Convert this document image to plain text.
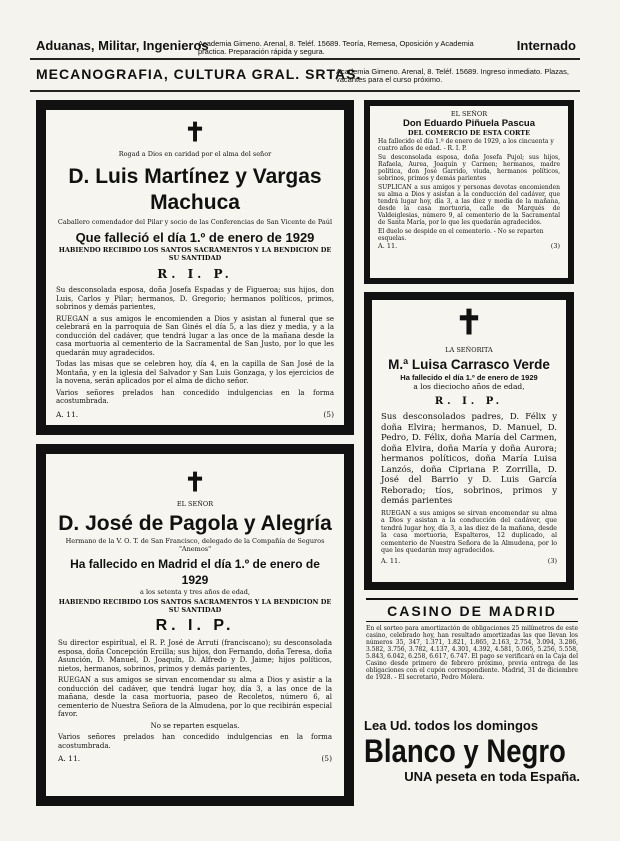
Aduanas, Militar, Ingenieros
Academia Gimeno. Arenal, 8. Teléf. 15689. Teoría, Remesa, Oposición y Academia práctica. Preparación rápida y segura.	Internado
MECANOGRAFIA, CULTURA GRAL. SRTAS.
Academia Gimeno. Arenal, 8. Teléf. 15689. Ingreso inmediato. Plazas, vacantes para el curso próximo.
✝
Rogad a Dios en caridad por el alma del señor
D. Luis Martínez y Vargas Machuca
Caballero comendador del Pilar y socio de las Conferencias de San Vicente de Paúl
Que falleció el día 1.º de enero de 1929
HABIENDO RECIBIDO LOS SANTOS SACRAMENTOS Y LA BENDICION DE SU SANTIDAD
R. I. P.
Su desconsolada esposa, doña Josefa Espadas y de Figueroa; sus hijos, don Luis, Carlos y Pilar; hermanos, D. Gregorio; hermanos políticos, primos, sobrinos y demás parientes,
RUEGAN a sus amigos le encomienden a Dios y asistan al funeral que se celebrará en la parroquia de San Ginés el día 5, a las diez y media, y a la conducción del cadáver, que tendrá lugar a las once de la mañana desde la casa mortuoria al cementerio de la Sacramental de San Justo, por lo que les quedarán muy agradecidos.
Todas las misas que se celebren hoy, día 4, en la capilla de San José de la Montaña, y en la iglesia del Salvador y San Luis Gonzaga, y los ejercicios de la novena, serán aplicados por el alma de dicho señor.
Varios señores prelados han concedido indulgencias en la forma acostumbrada.
A. 11.	(5)
✝
EL SEÑOR
D. José de Pagola y Alegría
Hermano de la V. O. T. de San Francisco, delegado de la Compañía de Seguros "Anemos"
Ha fallecido en Madrid el día 1.º de enero de 1929
a los setenta y tres años de edad,
HABIENDO RECIBIDO LOS SANTOS SACRAMENTOS Y LA BENDICION DE SU SANTIDAD
R. I. P.
Su director espiritual, el R. P. José de Arruti (franciscano); su desconsolada esposa, doña Concepción Ercilla; sus hijos, don Fernando, doña Teresa, doña Asunción, D. Manuel, D. Joaquín, D. Alfredo y D. Jaime; hijos políticos, nietos, hermanos, sobrinos, primos y demás parientes,
RUEGAN a sus amigos se sirvan encomendar su alma a Dios y asistir a la conducción del cadáver, que tendrá lugar hoy, día 3, a las once de la mañana, desde la casa mortuoria, paseo de Recoletos, número 6, al cementerio de Nuestra Señora de la Almudena, por lo que recibirán especial favor.
No se reparten esquelas.
Varios señores prelados han concedido indulgencias en la forma acostumbrada.
A. 11.	(5)
EL SEÑOR
Don Eduardo Piñuela Pascua
DEL COMERCIO DE ESTA CORTE
Ha fallecido el día 1.º de enero de 1929, a los cincuenta y cuatro años de edad. - R. I. P.
Su desconsolada esposa, doña Josefa Pujol; sus hijos, Rafaela, Aurea, Joaquín y Carmen; hermanos, madre política, don José Garrido, viuda, hermanos políticos, sobrinos, primos y demás parientes
SUPLICAN a sus amigos y personas devotas encomienden su alma a Dios y asistan a la conducción del cadáver, que tendrá lugar hoy, día 3, a las diez y media de la mañana, desde la casa mortuoria, calle de Marqués de Valdeiglesias, número 9, al cementerio de la Sacramental de Santa María, por lo que les quedarán agradecidos.
El duelo se despide en el cementerio. - No se reparten esquelas.
A. 11.	(3)
✝
LA SEÑORITA
M.ª Luisa Carrasco Verde
Ha fallecido el día 1.º de enero de 1929
a los dieciocho años de edad,
R. I. P.
Sus desconsolados padres, D. Félix y doña Elvira; hermanos, D. Manuel, D. Pedro, D. Félix, doña María del Carmen, doña Elvira, doña María y doña Aurora; hermanos políticos, doña María Luisa Lanzós, doña Cipriana P. Zorrilla, D. José del Barrio y D. Luis García Reborado; tíos, sobrinos, primos y demás parientes
RUEGAN a sus amigos se sirvan encomendar su alma a Dios y asistan a la conducción del cadáver, que tendrá lugar hoy, día 3, a las diez de la mañana, desde la casa mortuoria, Espalteros, 12 duplicado, al cementerio de Nuestra Señora de la Almudena, por lo que les quedarán muy agradecidos.
A. 11.	(3)
CASINO DE MADRID
En el sorteo para amortización de obligaciones 25 milímetros de este casino, celebrado hoy, han resultado amortizadas las que llevan los números 35, 347, 1.371, 1.821, 1.865, 2.163, 2.754, 3.094, 3.286, 3.582, 3.756, 3.782, 4.137, 4.301, 4.392, 4.581, 5.065, 5.256, 5.558, 5.843, 6.042, 6.258, 6.617, 6.747. El pago se verificará en la Caja del Casino desde primero de febrero próximo, previa entrega de las obligaciones con el cupón correspondiente. Madrid, 31 de diciembre de 1928. - El secretario, Pedro Molera.
Lea Ud. todos los domingos
Blanco y Negro
UNA peseta en toda España.
